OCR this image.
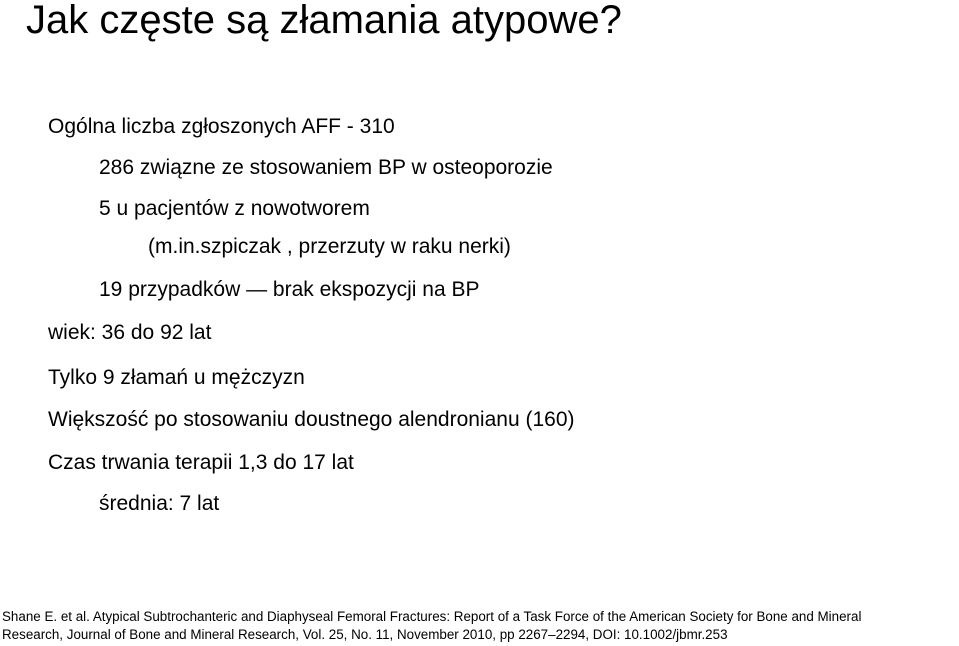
Jak częste są złamania atypowe?
Ogólna liczba zgłoszonych AFF - 310
286 związne ze stosowaniem BP w osteoporozie
5 u pacjentów z nowotworem
(m.in.szpiczak , przerzuty w raku nerki)
19 przypadków — brak ekspozycji na BP
wiek: 36 do 92 lat
Tylko 9 złamań u mężczyzn
Większość po stosowaniu doustnego alendronianu (160)
Czas trwania terapii 1,3 do 17 lat
średnia: 7 lat
Shane E. et al. Atypical Subtrochanteric and Diaphyseal Femoral Fractures: Report of a Task Force of the American Society for Bone and Mineral
Research, Journal of Bone and Mineral Research, Vol. 25, No. 11, November 2010, pp 2267–2294, DOI: 10.1002/jbmr.253
